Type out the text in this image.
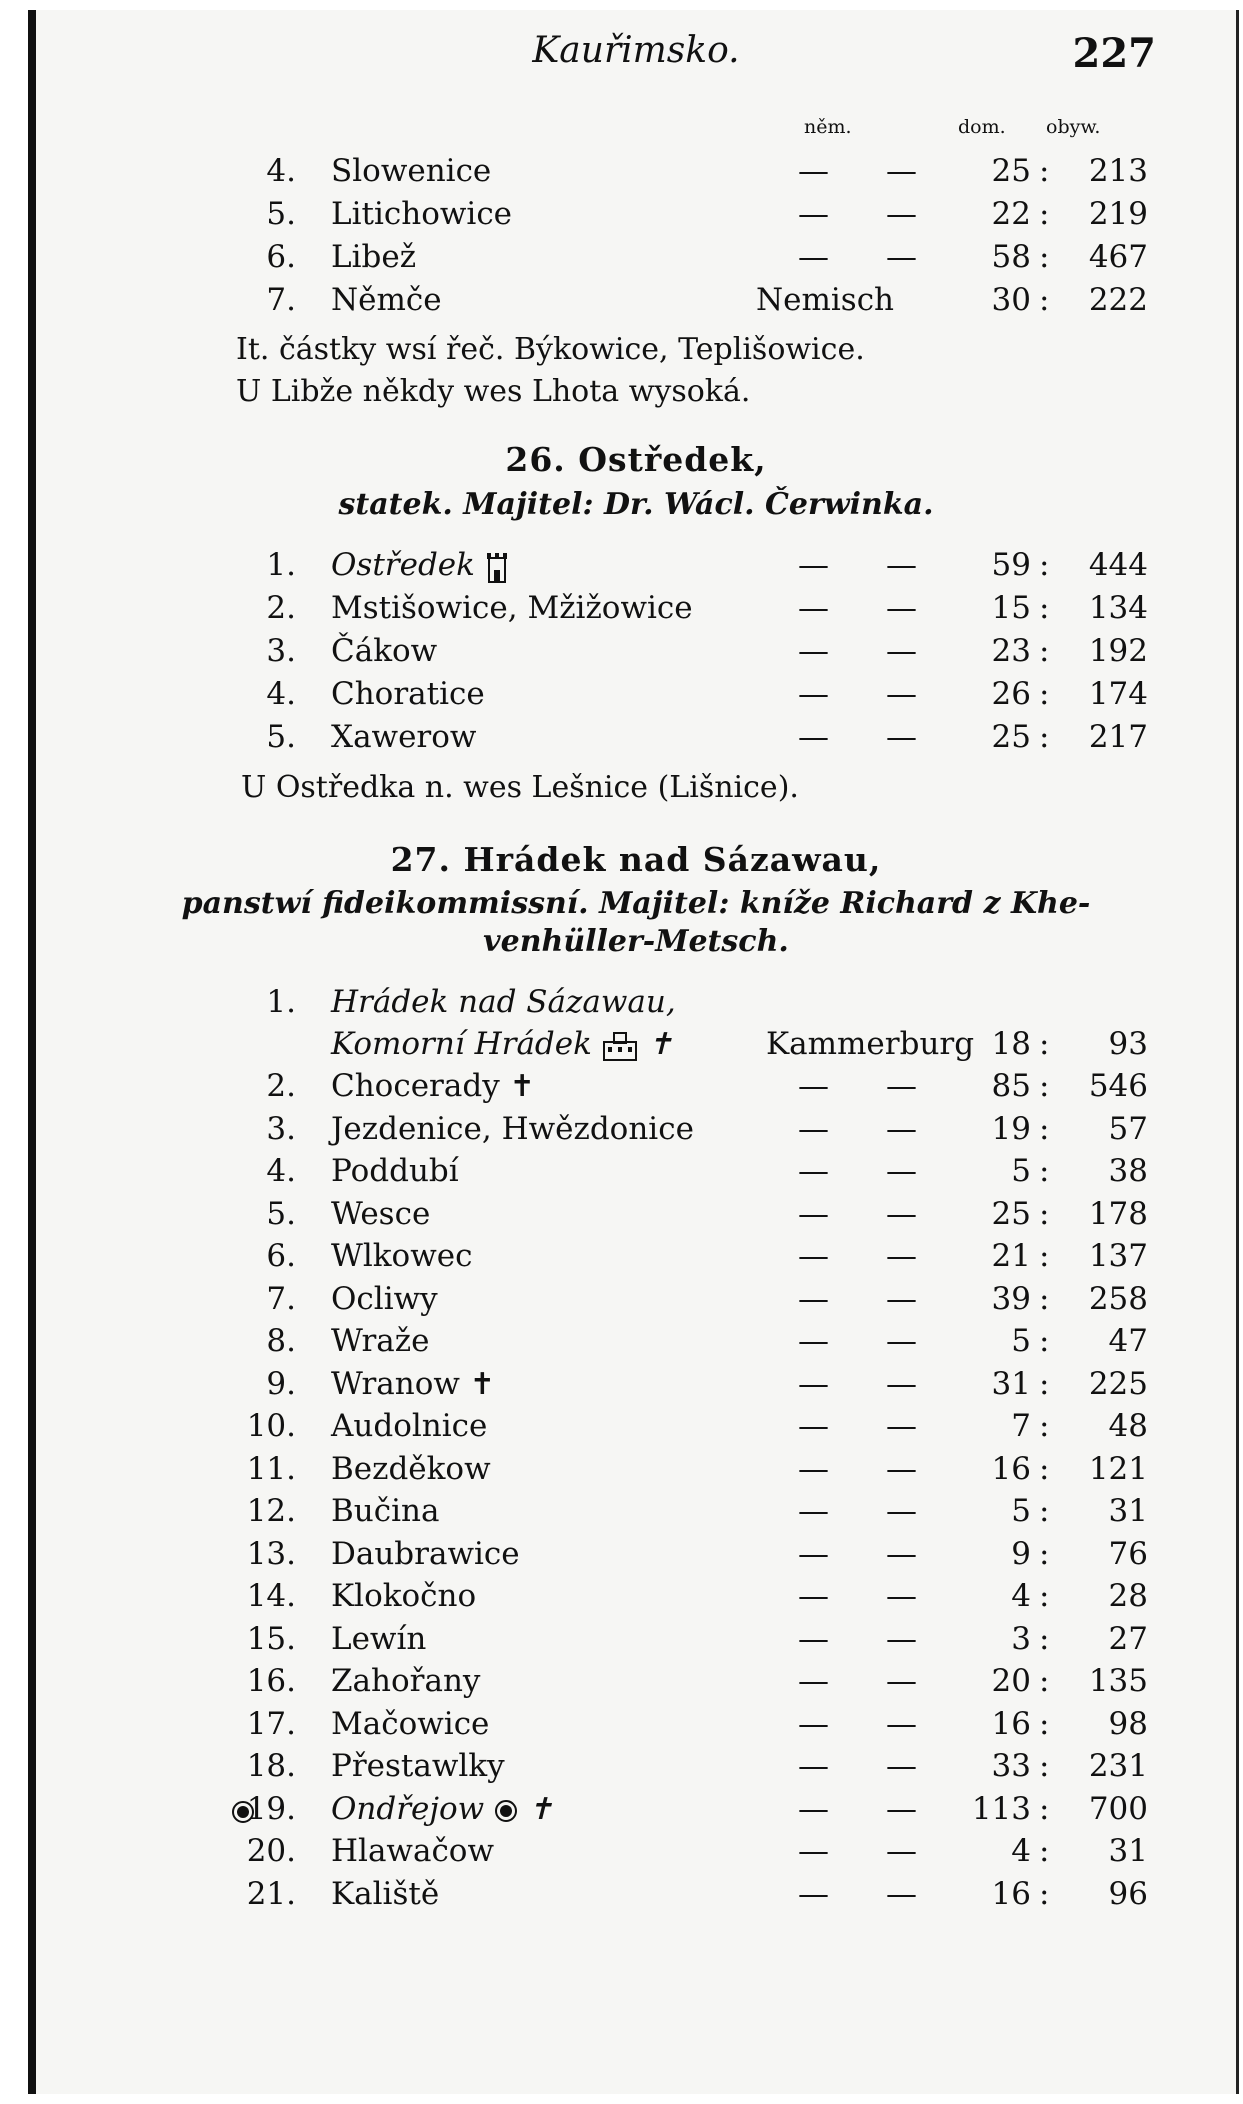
Kauřimsko.	227
něm.	dom. obyw.
4. Slowenice	— —	25 :	213
5. Litichowice	— —	22 :	219
6. Libež	— —	58 :	467
7. Němče	Nemisch	30 :	222
It. částky wsí řeč. Býkowice, Teplišowice.
U Libže někdy wes Lhota wysoká.
26. Ostředek,
statek. Majitel: Dr. Wácl. Čerwinka.
1. Ostředek	— —	59 :	444
2. Mstišowice, Mžižowice	— —	15 :	134
3. Čákow	— —	23 :	192
4. Choratice	— —	26 :	174
5. Xawerow	— —	25 :	217
U Ostředka n. wes Lešnice (Lišnice).
27. Hrádek nad Sázawau,
panstwí fideikommissní. Majitel: kníže Richard z Khe-
venhüller-Metsch.
1. Hrádek nad Sázawau,
Komorní Hrádek ✝	Kammerburg 18 :	93
2. Chocerady ✝	— —	85 :	546
3. Jezdenice, Hwězdonice	— —	19 :	57
4. Poddubí	— —	5 :	38
5. Wesce	— —	25 :	178
6. Wlkowec	— —	21 :	137
7. Ocliwy	— —	39 :	258
8. Wraže	— —	5 :	47
9. Wranow ✝	— —	31 :	225
10. Audolnice	— —	7 :	48
11. Bezděkow	— —	16 :	121
12. Bučina	— —	5 :	31
13. Daubrawice	— —	9 :	76
14. Klokočno	— —	4 :	28
15. Lewín	— —	3 :	27
16. Zahořany	— —	20 :	135
17. Mačowice	— —	16 :	98
18. Přestawlky	— —	33 :	231
19. Ondřejow ✝	— —	113 :	700
20. Hlawačow	— —	4 :	31
21. Kaliště	— —	16 :	96
